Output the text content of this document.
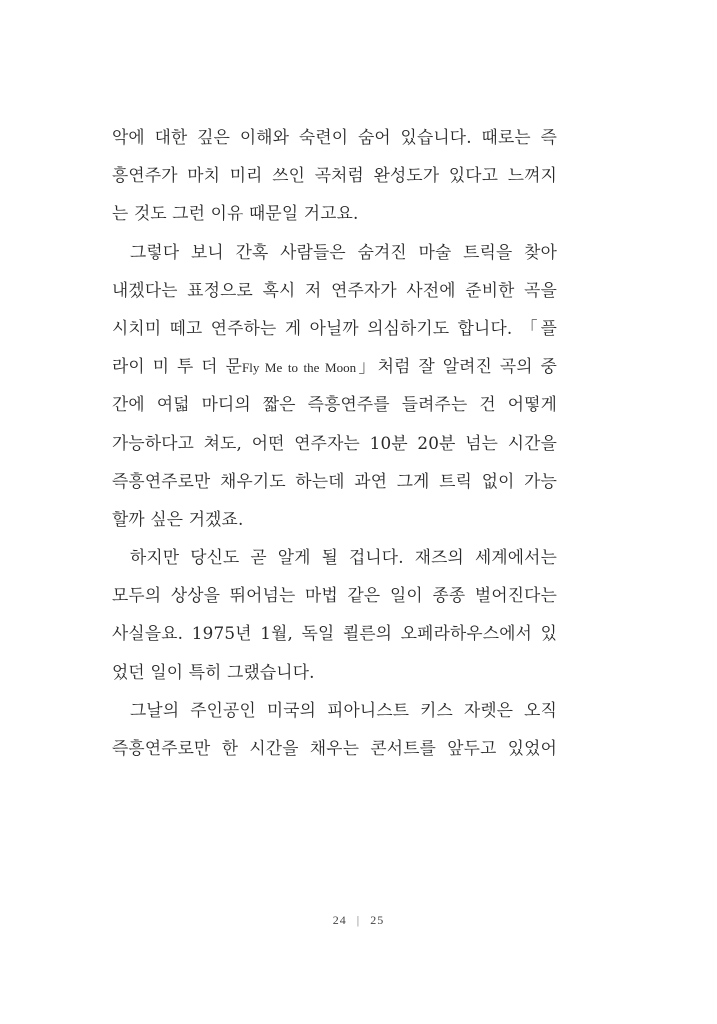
악에 대한 깊은 이해와 숙련이 숨어 있습니다. 때로는 즉
흥연주가 마치 미리 쓰인 곡처럼 완성도가 있다고 느껴지
는 것도 그런 이유 때문일 거고요.
그렇다 보니 간혹 사람들은 숨겨진 마술 트릭을 찾아
내겠다는 표정으로 혹시 저 연주자가 사전에 준비한 곡을
시치미 떼고 연주하는 게 아닐까 의심하기도 합니다. 「플
라이 미 투 더 문Fly Me to the Moon」처럼 잘 알려진 곡의 중
간에 여덟 마디의 짧은 즉흥연주를 들려주는 건 어떻게
가능하다고 쳐도, 어떤 연주자는 10분 20분 넘는 시간을
즉흥연주로만 채우기도 하는데 과연 그게 트릭 없이 가능
할까 싶은 거겠죠.
하지만 당신도 곧 알게 될 겁니다. 재즈의 세계에서는
모두의 상상을 뛰어넘는 마법 같은 일이 종종 벌어진다는
사실을요. 1975년 1월, 독일 쾰른의 오페라하우스에서 있
었던 일이 특히 그랬습니다.
그날의 주인공인 미국의 피아니스트 키스 자렛은 오직
즉흥연주로만 한 시간을 채우는 콘서트를 앞두고 있었어
24 | 25
